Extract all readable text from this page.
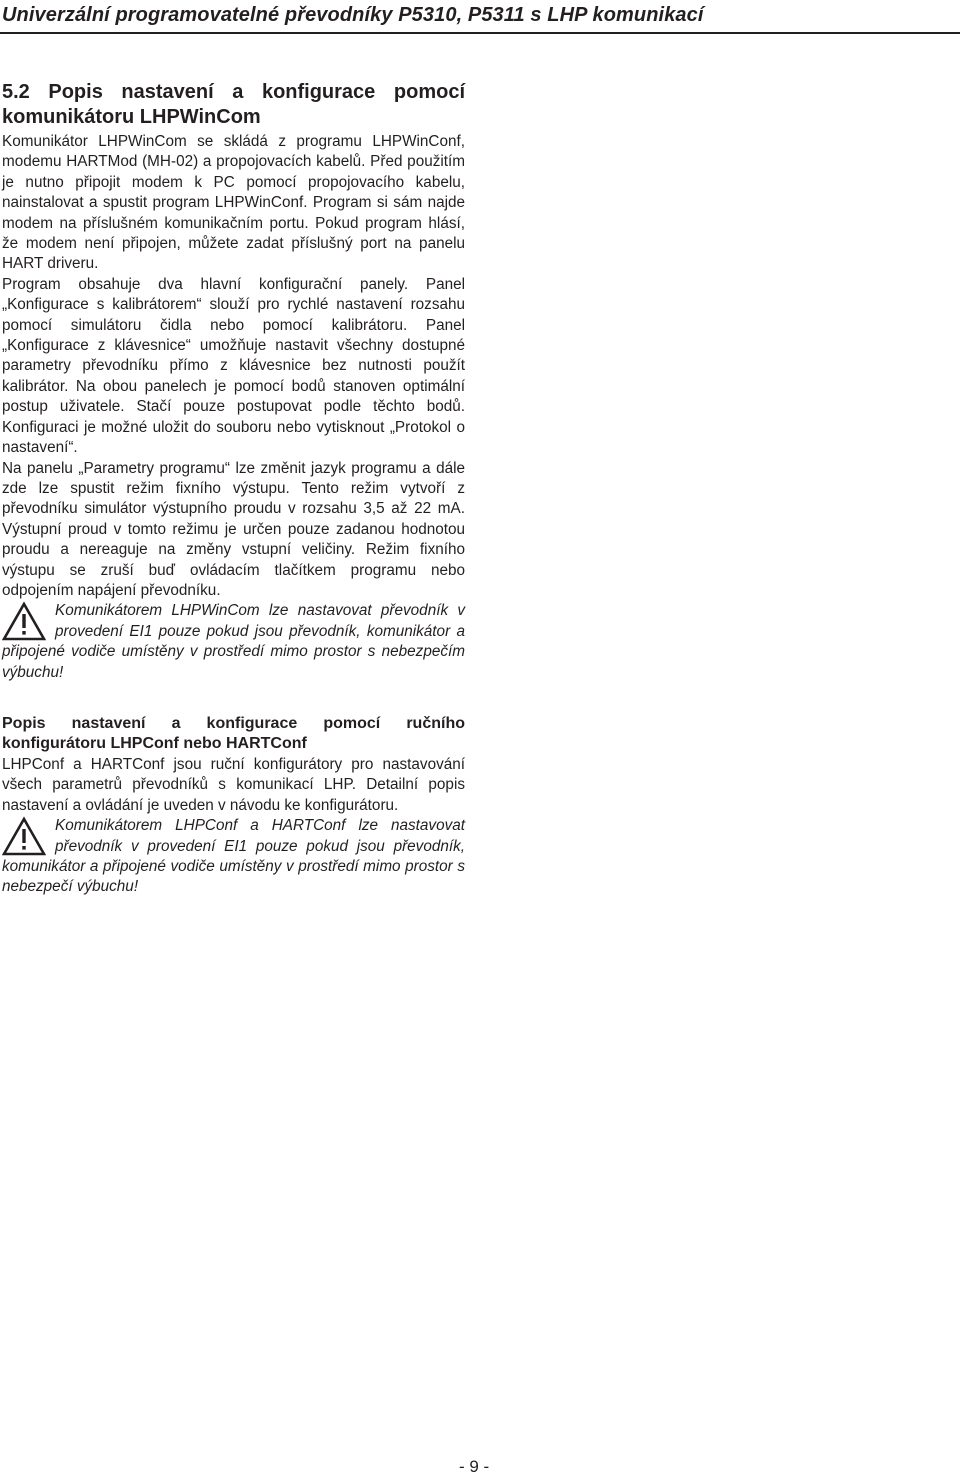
Univerzální programovatelné převodníky P5310, P5311 s LHP komunikací
5.2 Popis nastavení a konfigurace pomocí komunikátoru LHPWinCom

Komunikátor LHPWinCom se skládá z programu LHPWinConf, modemu HARTMod (MH-02) a propojovacích kabelů. Před použitím je nutno připojit modem k PC pomocí propojovacího kabelu, nainstalovat a spustit program LHPWinConf. Program si sám najde modem na příslušném komunikačním portu. Pokud program hlásí, že modem není připojen, můžete zadat příslušný port na panelu HART driveru.

Program obsahuje dva hlavní konfigurační panely. Panel „Konfigurace s kalibrátorem“ slouží pro rychlé nastavení rozsahu pomocí simulátoru čidla nebo pomocí kalibrátoru. Panel „Konfigurace z klávesnice“ umožňuje nastavit všechny dostupné parametry převodníku přímo z klávesnice bez nutnosti použít kalibrátor. Na obou panelech je pomocí bodů stanoven optimální postup uživatele. Stačí pouze postupovat podle těchto bodů. Konfiguraci je možné uložit do souboru nebo vytisknout „Protokol o nastavení“.

Na panelu „Parametry programu“ lze změnit jazyk programu a dále zde lze spustit režim fixního výstupu. Tento režim vytvoří z převodníku simulátor výstupního proudu v rozsahu 3,5 až 22 mA. Výstupní proud v tomto režimu je určen pouze zadanou hodnotou proudu a nereaguje na změny vstupní veličiny. Režim fixního výstupu se zruší buď ovládacím tlačítkem programu nebo odpojením napájení převodníku.

Komunikátorem LHPWinCom lze nastavovat převodník v provedení EI1 pouze pokud jsou převodník, komunikátor a připojené vodiče umístěny v prostředí mimo prostor s nebezpečím výbuchu!

Popis nastavení a konfigurace pomocí ručního konfigurátoru LHPConf nebo HARTConf

LHPConf a HARTConf jsou ruční konfigurátory pro nastavování všech parametrů převodníků s komunikací LHP. Detailní popis nastavení a ovládání je uveden v návodu ke konfigurátoru.

Komunikátorem LHPConf a HARTConf lze nastavovat převodník v provedení EI1 pouze pokud jsou převodník, komunikátor a připojené vodiče umístěny v prostředí mimo prostor s nebezpečí výbuchu!

- 9 -
